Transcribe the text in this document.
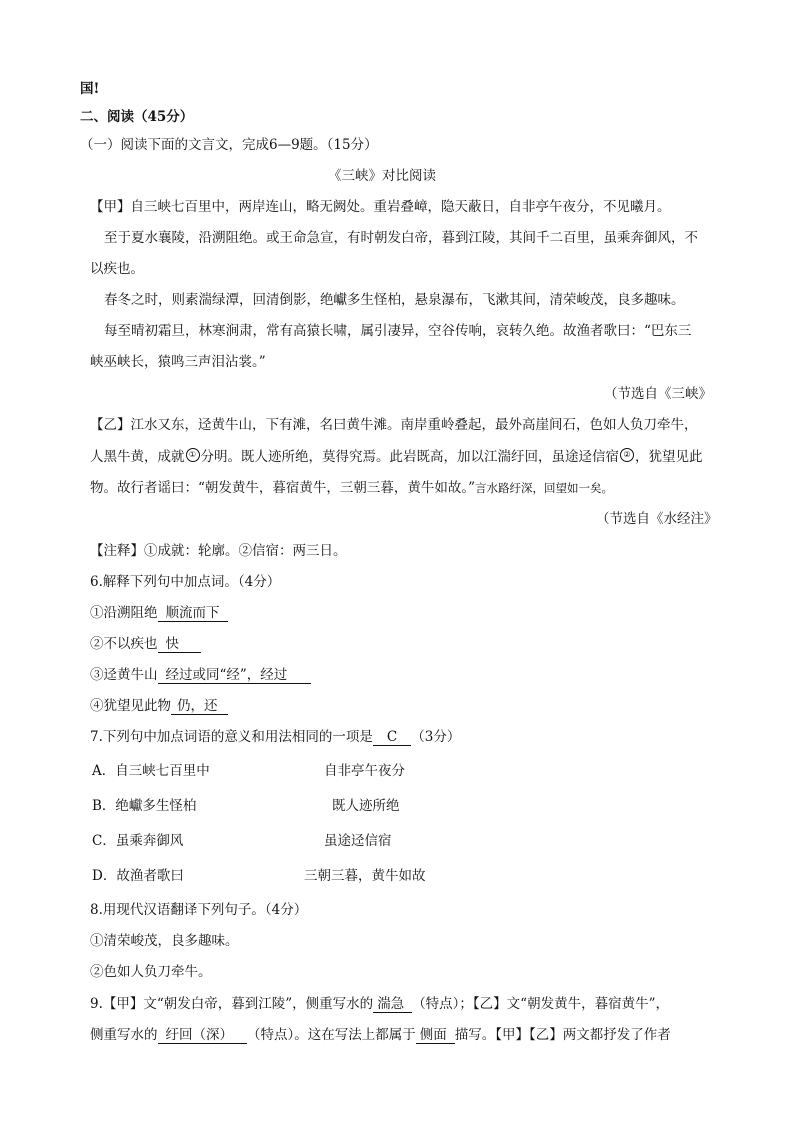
国!
二、阅读（45分）
（一）阅读下面的文言文，完成6—9题。（15分）
《三峡》对比阅读
【甲】自三峡七百里中，两岸连山，略无阙处。重岩叠嶂，隐天蔽日，自非亭午夜分，不见曦月。
至于夏水襄陵，沿溯阻绝。或王命急宣，有时朝发白帝，暮到江陵，其间千二百里，虽乘奔御风，不
以疾也。
春冬之时，则素湍绿潭，回清倒影，绝巘多生怪柏，悬泉瀑布，飞漱其间，清荣峻茂，良多趣味。
每至晴初霜旦，林寒涧肃，常有高猿长啸，属引凄异，空谷传响，哀转久绝。故渔者歌曰：“巴东三
峡巫峡长，猿鸣三声泪沾裳。”
（节选自《三峡》
【乙】江水又东，迳黄牛山，下有滩，名曰黄牛滩。南岸重岭叠起，最外高崖间石，色如人负刀牵牛，
人黑牛黄，成就 ① 分明。既人迹所绝，莫得究焉。此岩既高，加以江湍纡回，虽途迳信宿 ② ，犹望见此
物。故行者谣曰：“朝发黄牛，暮宿黄牛，三朝三暮，黄牛如故。”言水路纡深，回望如一矣。
（节选自《水经注》
【注释】①成就：轮廓。②信宿：两三日。
6.解释下列句中加点词。（4分）
①沿溯阻绝 顺流而下
②不以疾也 快
③迳黄牛山 经过或同“经”，经过
④犹望见此物 仍，还
7.下列句中加点词语的意义和用法相同的一项是 C （3分）
A．自三峡七百里中	自非亭午夜分
B．绝巘多生怪柏	既人迹所绝
C．虽乘奔御风	虽途迳信宿
D．故渔者歌曰	三朝三暮，黄牛如故
8.用现代汉语翻译下列句子。（4分）
①清荣峻茂，良多趣味。
②色如人负刀牵牛。
9.【甲】文“朝发白帝，暮到江陵”，侧重写水的 湍急 （特点）；【乙】文“朝发黄牛，暮宿黄牛”，
侧重写水的 纡回（深） （特点）。这在写法上都属于 侧面 描写。【甲】【乙】两文都抒发了作者
